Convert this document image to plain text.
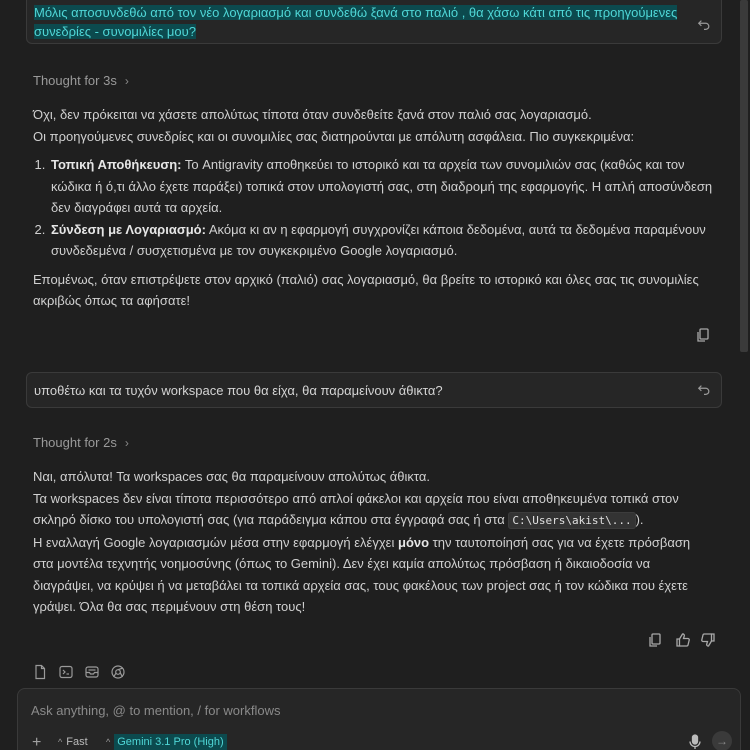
Μόλις αποσυνδεθώ από τον νέο λογαριασμό και συνδεθώ ξανά στο παλιό , θα χάσω κάτι από τις προηγούμενες συνεδρίες - συνομιλίες μου?
Thought for 3s ›

Όχι, δεν πρόκειται να χάσετε απολύτως τίποτα όταν συνδεθείτε ξανά στον παλιό σας λογαριασμό.

Οι προηγούμενες συνεδρίες και οι συνομιλίες σας διατηρούνται με απόλυτη ασφάλεια. Πιο συγκεκριμένα:

1. Τοπική Αποθήκευση: Το Antigravity αποθηκεύει το ιστορικό και τα αρχεία των συνομιλιών σας (καθώς και τον κώδικα ή ό,τι άλλο έχετε παράξει) τοπικά στον υπολογιστή σας, στη διαδρομή της εφαρμογής. Η απλή αποσύνδεση δεν διαγράφει αυτά τα αρχεία.
2. Σύνδεση με Λογαριασμό: Ακόμα κι αν η εφαρμογή συγχρονίζει κάποια δεδομένα, αυτά τα δεδομένα παραμένουν συνδεδεμένα / συσχετισμένα με τον συγκεκριμένο Google λογαριασμό.

Επομένως, όταν επιστρέψετε στον αρχικό (παλιό) σας λογαριασμό, θα βρείτε το ιστορικό και όλες σας τις συνομιλίες ακριβώς όπως τα αφήσατε!

υποθέτω και τα τυχόν workspace που θα είχα, θα παραμείνουν άθικτα?
Thought for 2s ›

Ναι, απόλυτα! Τα workspaces σας θα παραμείνουν απολύτως άθικτα.

Τα workspaces δεν είναι τίποτα περισσότερο από απλοί φάκελοι και αρχεία που είναι αποθηκευμένα τοπικά στον σκληρό δίσκο του υπολογιστή σας (για παράδειγμα κάπου στα έγγραφά σας ή στα C:\Users\akist\... ).

Η εναλλαγή Google λογαριασμών μέσα στην εφαρμογή ελέγχει μόνο την ταυτοποίησή σας για να έχετε πρόσβαση στα μοντέλα τεχνητής νοημοσύνης (όπως το Gemini). Δεν έχει καμία απολύτως πρόσβαση ή δικαιοδοσία να διαγράψει, να κρύψει ή να μεταβάλει τα τοπικά αρχεία σας, τους φακέλους των project σας ή τον κώδικα που έχετε γράψει. Όλα θα σας περιμένουν στη θέση τους!

Ask anything, @ to mention, / for workflows
+ ^ Fast ^ Gemini 3.1 Pro (High)	→
